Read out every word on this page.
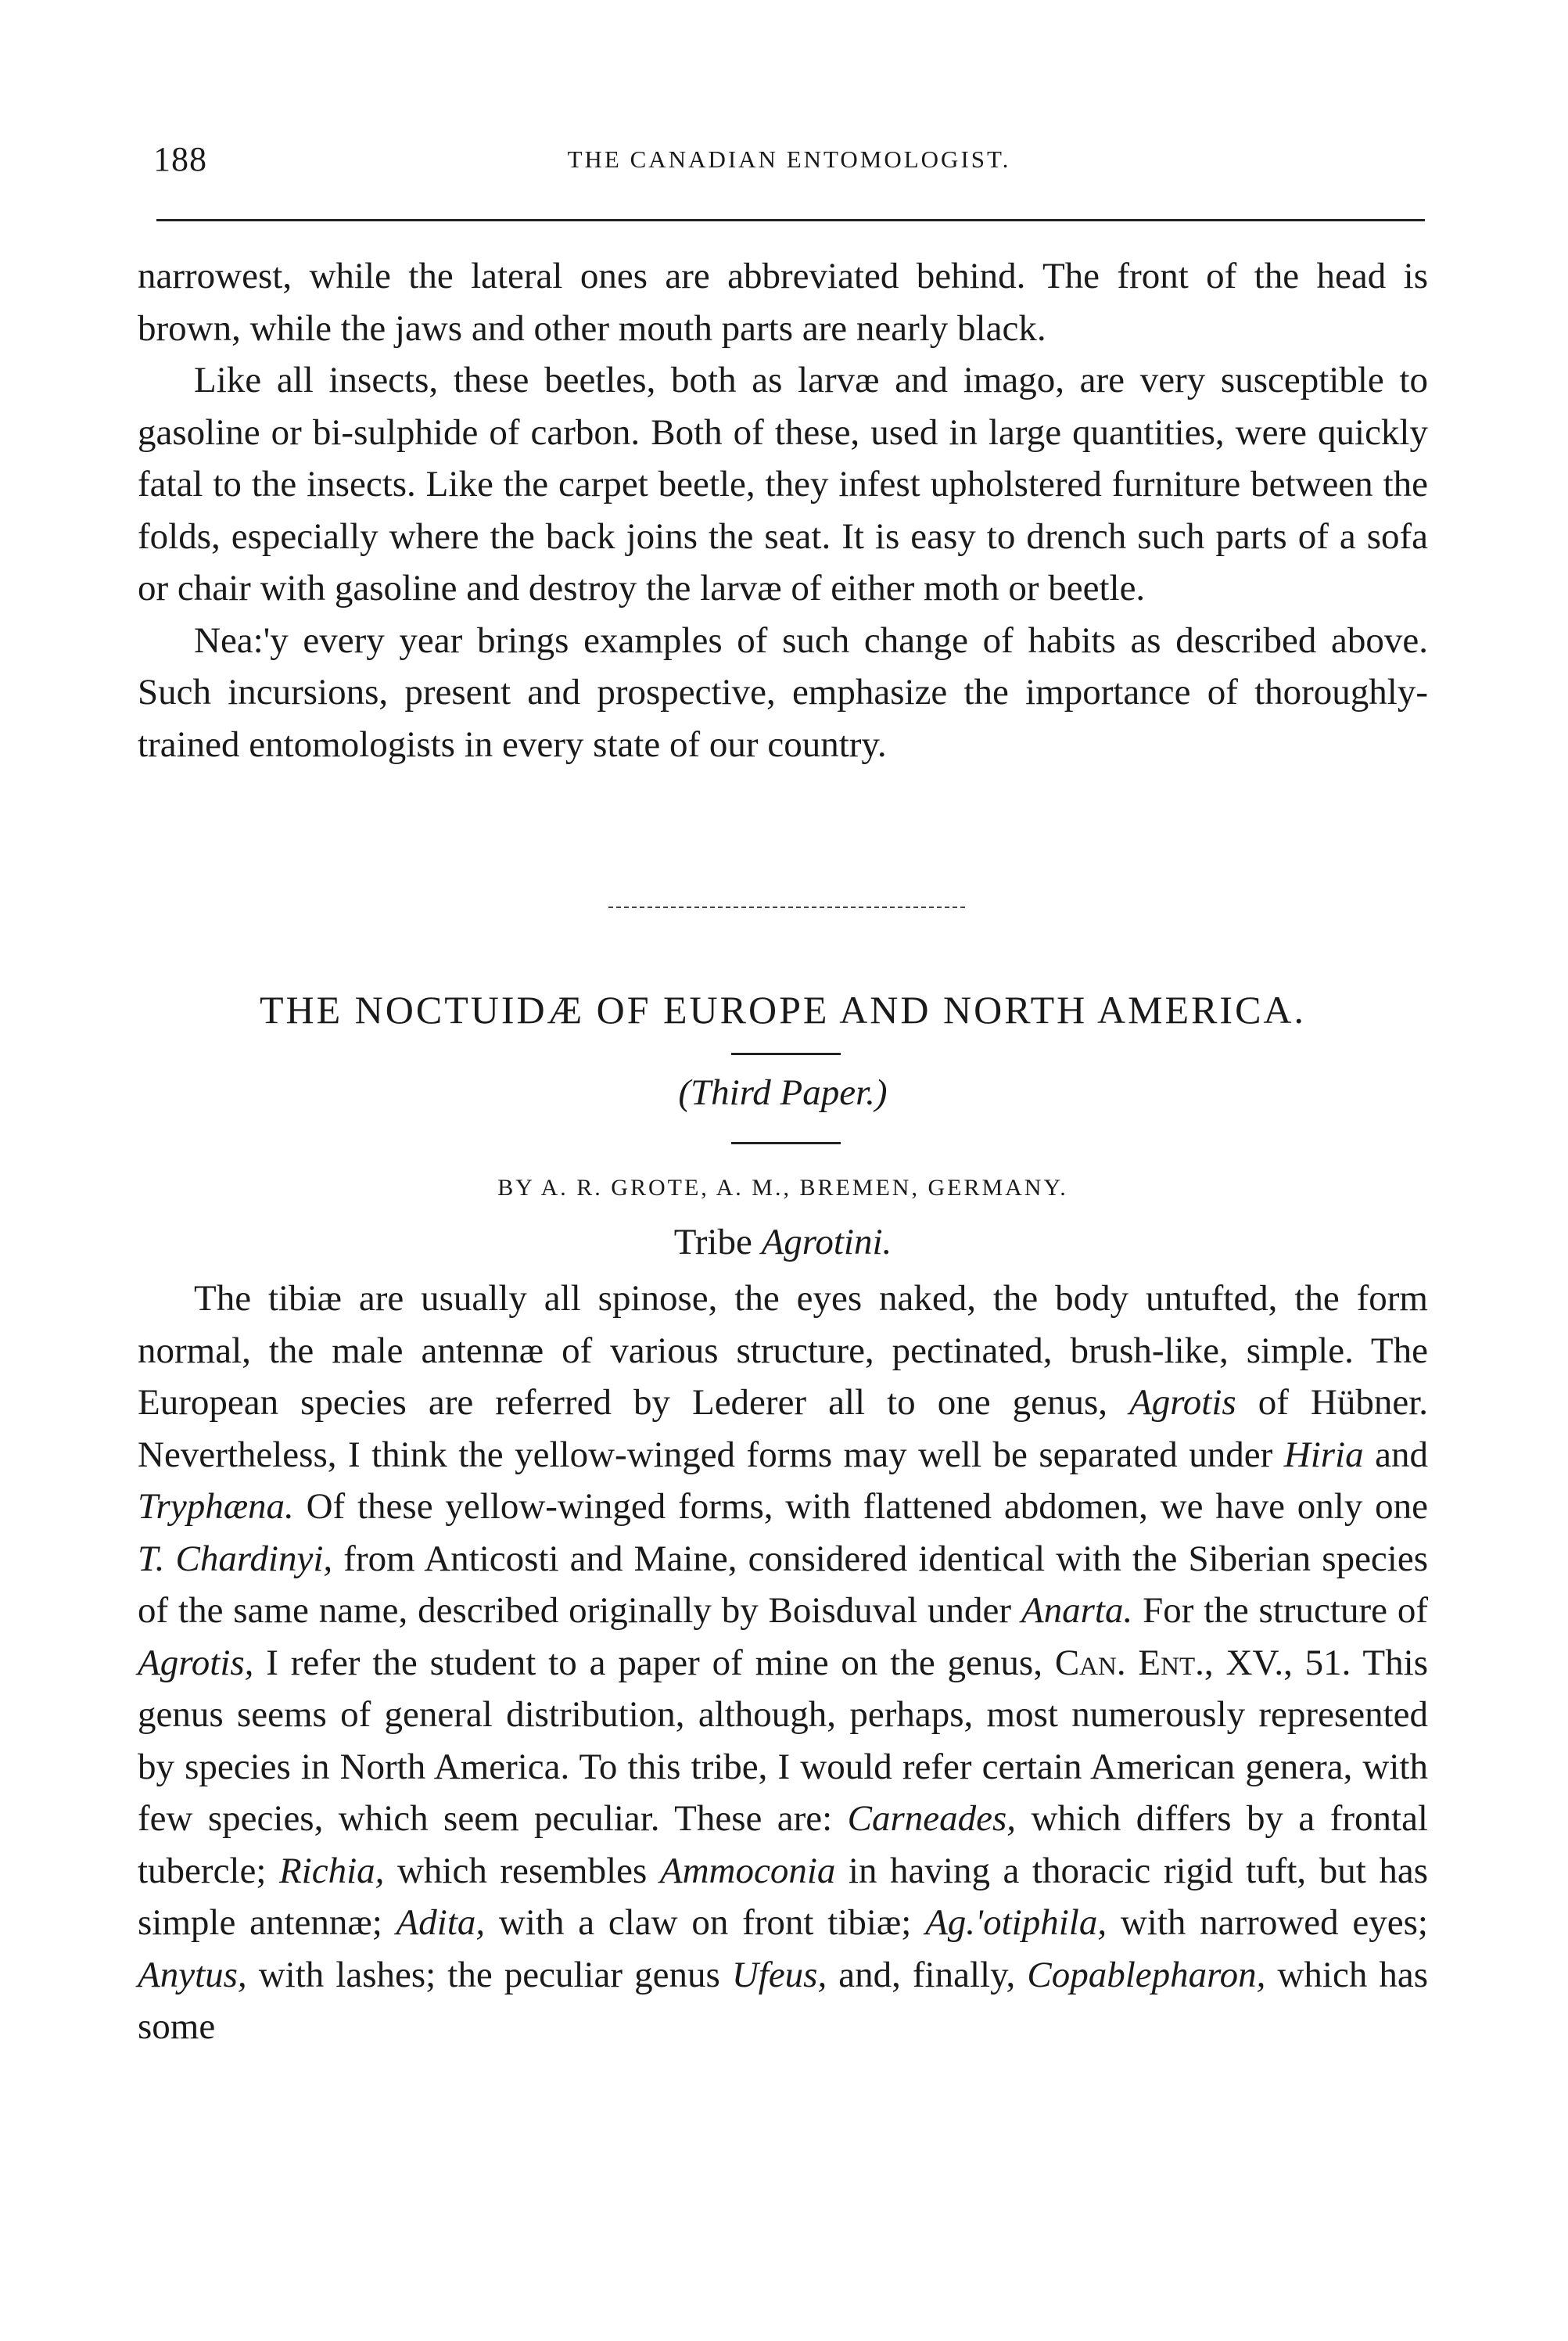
188	THE CANADIAN ENTOMOLOGIST.

narrowest, while the lateral ones are abbreviated behind. The front of the head is brown, while the jaws and other mouth parts are nearly black.

Like all insects, these beetles, both as larvæ and imago, are very susceptible to gasoline or bi-sulphide of carbon. Both of these, used in large quantities, were quickly fatal to the insects. Like the carpet beetle, they infest upholstered furniture between the folds, especially where the back joins the seat. It is easy to drench such parts of a sofa or chair with gasoline and destroy the larvæ of either moth or beetle.

Nea:'y every year brings examples of such change of habits as described above. Such incursions, present and prospective, emphasize the importance of thoroughly-trained entomologists in every state of our country.

THE NOCTUIDÆ OF EUROPE AND NORTH AMERICA.
(Third Paper.)
BY A. R. GROTE, A. M., BREMEN, GERMANY.
Tribe Agrotini.

The tibiæ are usually all spinose, the eyes naked, the body untufted, the form normal, the male antennæ of various structure, pectinated, brush-like, simple. The European species are referred by Lederer all to one genus, Agrotis of Hübner. Nevertheless, I think the yellow-winged forms may well be separated under Hiria and Tryphæna. Of these yellow-winged forms, with flattened abdomen, we have only one T. Chardinyi, from Anticosti and Maine, considered identical with the Siberian species of the same name, described originally by Boisduval under Anarta. For the structure of Agrotis, I refer the student to a paper of mine on the genus, Can. Ent., XV., 51. This genus seems of general distribution, although, perhaps, most numerously represented by species in North America. To this tribe, I would refer certain American genera, with few species, which seem peculiar. These are: Carneades, which differs by a frontal tubercle; Richia, which resembles Ammoconia in having a thoracic rigid tuft, but has simple antennæ; Adita, with a claw on front tibiæ; Ag.'otiphila, with narrowed eyes; Anytus, with lashes; the peculiar genus Ufeus, and, finally, Copablepharon, which has some
